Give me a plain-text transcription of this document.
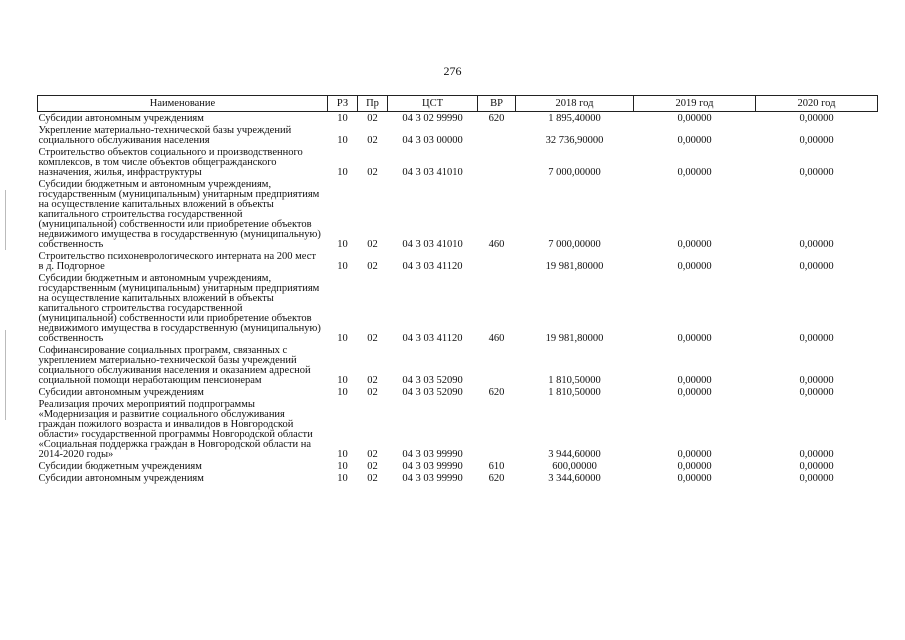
276
Наименование	РЗ	Пр	ЦСТ	ВР	2018 год	2019 год	2020 год
Субсидии автономным учреждениям	10	02	04 3 02 99990	620	1 895,40000	0,00000	0,00000
Укрепление материально-технической базы учреждений социального обслуживания населения	10	02	04 3 03 00000		32 736,90000	0,00000	0,00000
Строительство объектов социального и производственного комплексов, в том числе объектов общегражданского назначения, жилья, инфраструктуры	10	02	04 3 03 41010		7 000,00000	0,00000	0,00000
Субсидии бюджетным и автономным учреждениям, государственным (муниципальным) унитарным предприятиям на осуществление капитальных вложений в объекты капитального строительства государственной (муниципальной) собственности или приобретение объектов недвижимого имущества в государственную (муниципальную) собственность	10	02	04 3 03 41010	460	7 000,00000	0,00000	0,00000
Строительство психоневрологического интерната на 200 мест в д. Подгорное	10	02	04 3 03 41120		19 981,80000	0,00000	0,00000
Субсидии бюджетным и автономным учреждениям, государственным (муниципальным) унитарным предприятиям на осуществление капитальных вложений в объекты капитального строительства государственной (муниципальной) собственности или приобретение объектов недвижимого имущества в государственную (муниципальную) собственность	10	02	04 3 03 41120	460	19 981,80000	0,00000	0,00000
Софинансирование социальных программ, связанных с укреплением материально-технической базы учреждений социального обслуживания населения и оказанием адресной социальной помощи неработающим пенсионерам	10	02	04 3 03 52090		1 810,50000	0,00000	0,00000
Субсидии автономным учреждениям	10	02	04 3 03 52090	620	1 810,50000	0,00000	0,00000
Реализация прочих мероприятий подпрограммы «Модернизация и развитие социального обслуживания граждан пожилого возраста и инвалидов в Новгородской области» государственной программы Новгородской области «Социальная поддержка граждан в Новгородской области на 2014-2020 годы»	10	02	04 3 03 99990		3 944,60000	0,00000	0,00000
Субсидии бюджетным учреждениям	10	02	04 3 03 99990	610	600,00000	0,00000	0,00000
Субсидии автономным учреждениям	10	02	04 3 03 99990	620	3 344,60000	0,00000	0,00000
